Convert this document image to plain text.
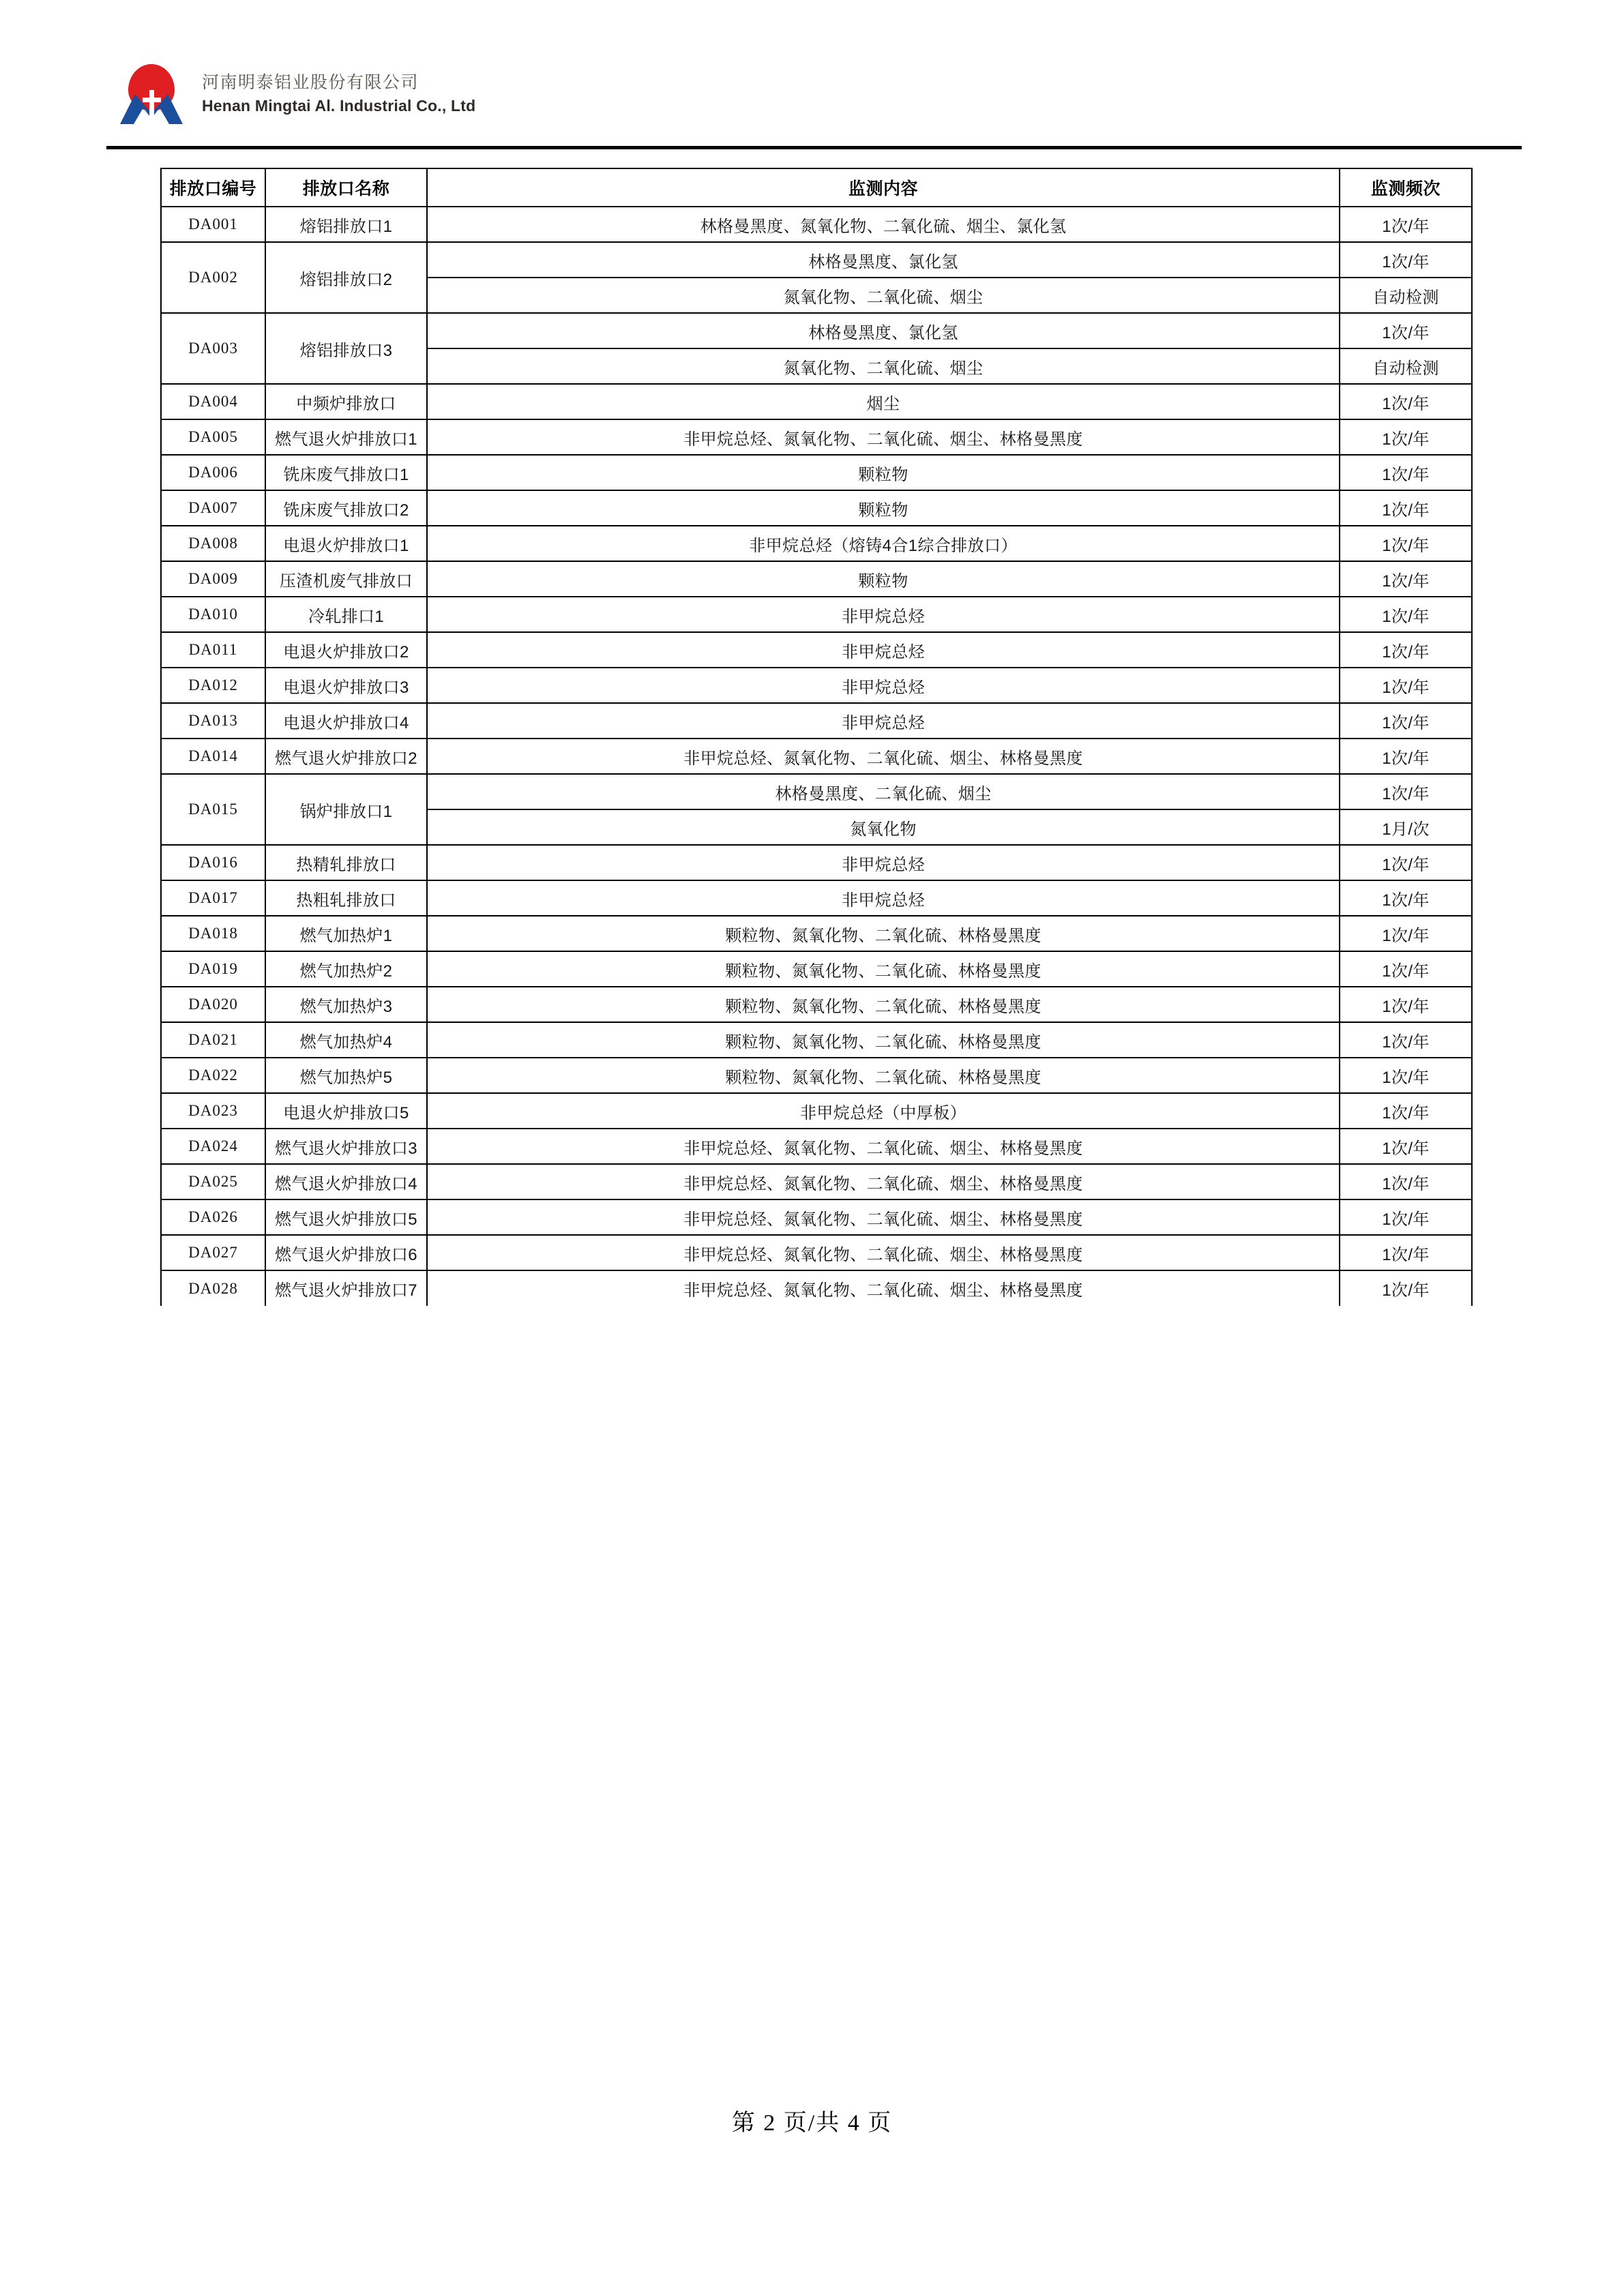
河南明泰铝业股份有限公司
Henan Mingtai Al. Industrial Co., Ltd
排放口编号	排放口名称	监测内容	监测频次
DA001	熔铝排放口1	林格曼黑度、氮氧化物、二氧化硫、烟尘、氯化氢	1次/年
DA002	熔铝排放口2	林格曼黑度、氯化氢	1次/年
		氮氧化物、二氧化硫、烟尘	自动检测
DA003	熔铝排放口3	林格曼黑度、氯化氢	1次/年
		氮氧化物、二氧化硫、烟尘	自动检测
DA004	中频炉排放口	烟尘	1次/年
DA005	燃气退火炉排放口1	非甲烷总烃、氮氧化物、二氧化硫、烟尘、林格曼黑度	1次/年
DA006	铣床废气排放口1	颗粒物	1次/年
DA007	铣床废气排放口2	颗粒物	1次/年
DA008	电退火炉排放口1	非甲烷总烃（熔铸4合1综合排放口）	1次/年
DA009	压渣机废气排放口	颗粒物	1次/年
DA010	冷轧排口1	非甲烷总烃	1次/年
DA011	电退火炉排放口2	非甲烷总烃	1次/年
DA012	电退火炉排放口3	非甲烷总烃	1次/年
DA013	电退火炉排放口4	非甲烷总烃	1次/年
DA014	燃气退火炉排放口2	非甲烷总烃、氮氧化物、二氧化硫、烟尘、林格曼黑度	1次/年
DA015	锅炉排放口1	林格曼黑度、二氧化硫、烟尘	1次/年
		氮氧化物	1月/次
DA016	热精轧排放口	非甲烷总烃	1次/年
DA017	热粗轧排放口	非甲烷总烃	1次/年
DA018	燃气加热炉1	颗粒物、氮氧化物、二氧化硫、林格曼黑度	1次/年
DA019	燃气加热炉2	颗粒物、氮氧化物、二氧化硫、林格曼黑度	1次/年
DA020	燃气加热炉3	颗粒物、氮氧化物、二氧化硫、林格曼黑度	1次/年
DA021	燃气加热炉4	颗粒物、氮氧化物、二氧化硫、林格曼黑度	1次/年
DA022	燃气加热炉5	颗粒物、氮氧化物、二氧化硫、林格曼黑度	1次/年
DA023	电退火炉排放口5	非甲烷总烃（中厚板）	1次/年
DA024	燃气退火炉排放口3	非甲烷总烃、氮氧化物、二氧化硫、烟尘、林格曼黑度	1次/年
DA025	燃气退火炉排放口4	非甲烷总烃、氮氧化物、二氧化硫、烟尘、林格曼黑度	1次/年
DA026	燃气退火炉排放口5	非甲烷总烃、氮氧化物、二氧化硫、烟尘、林格曼黑度	1次/年
DA027	燃气退火炉排放口6	非甲烷总烃、氮氧化物、二氧化硫、烟尘、林格曼黑度	1次/年
DA028	燃气退火炉排放口7	非甲烷总烃、氮氧化物、二氧化硫、烟尘、林格曼黑度	1次/年
第 2 页/共 4 页
